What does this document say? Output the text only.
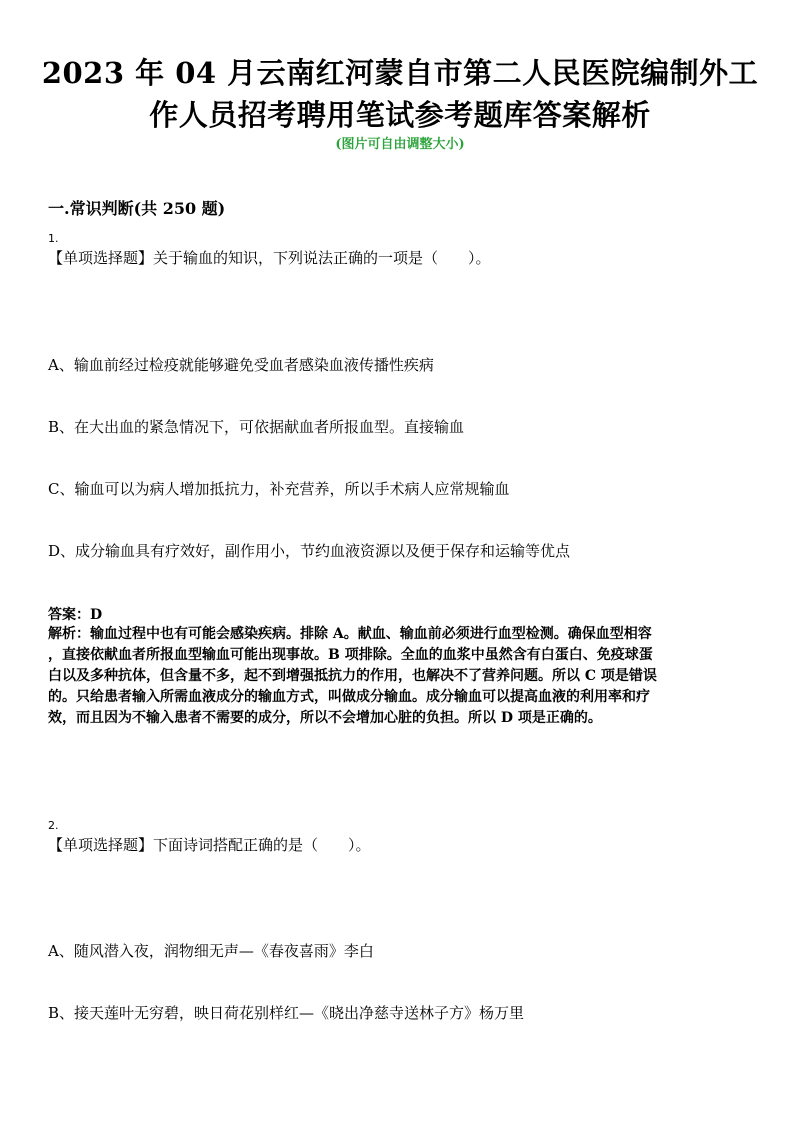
2023 年 04 月云南红河蒙自市第二人民医院编制外工
作人员招考聘用笔试参考题库答案解析
(图片可自由调整大小)
一.常识判断(共 250 题)
1.
【单项选择题】关于输血的知识，下列说法正确的一项是（　　）。
A、输血前经过检疫就能够避免受血者感染血液传播性疾病
B、在大出血的紧急情况下，可依据献血者所报血型。直接输血
C、输血可以为病人增加抵抗力，补充营养，所以手术病人应常规输血
D、成分输血具有疗效好，副作用小，节约血液资源以及便于保存和运输等优点
答案：D

解析：输血过程中也有可能会感染疾病。排除 A。献血、输血前必须进行血型检测。确保血型相容

，直接依献血者所报血型输血可能出现事故。B 项排除。全血的血浆中虽然含有白蛋白、免疫球蛋

白以及多种抗体，但含量不多，起不到增强抵抗力的作用，也解决不了营养问题。所以 C 项是错误

的。只给患者输入所需血液成分的输血方式，叫做成分输血。成分输血可以提高血液的利用率和疗

效，而且因为不输入患者不需要的成分，所以不会增加心脏的负担。所以 D 项是正确的。

2.
【单项选择题】下面诗词搭配正确的是（　　）。
A、随风潜入夜，润物细无声—《春夜喜雨》李白
B、接天莲叶无穷碧，映日荷花别样红—《晓出净慈寺送林子方》杨万里
